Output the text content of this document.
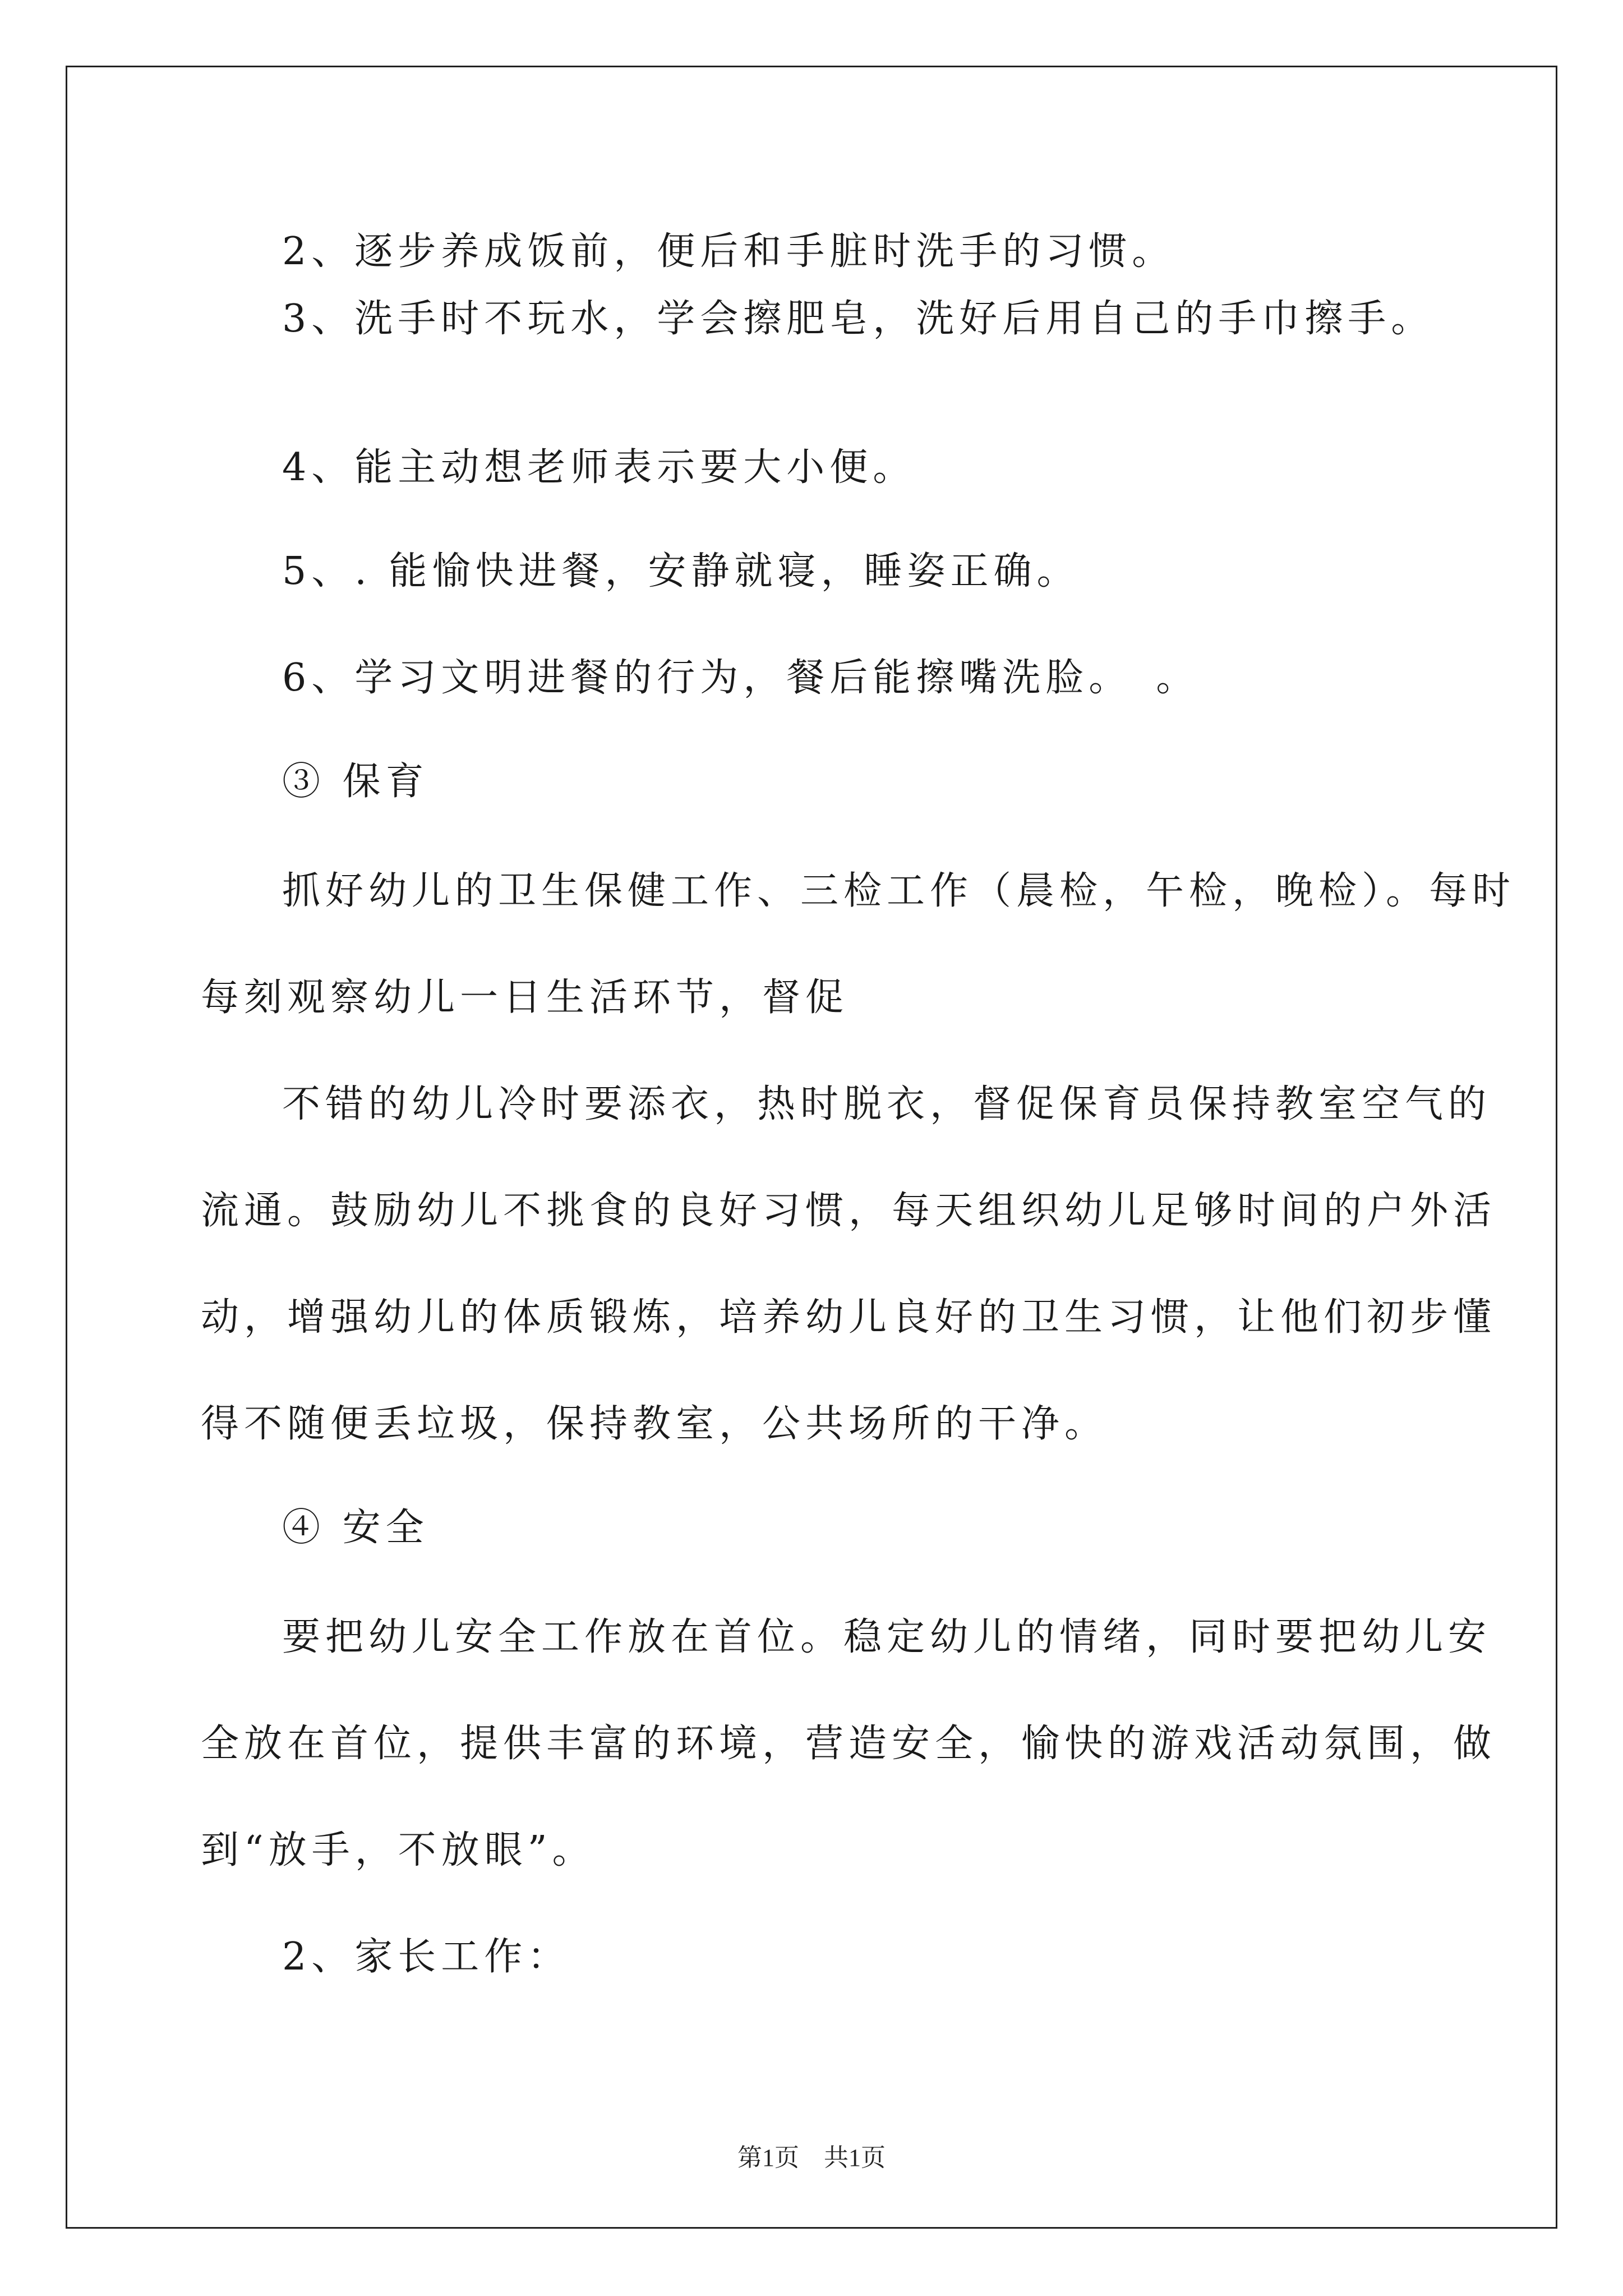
2、逐步养成饭前，便后和手脏时洗手的习惯。
3、洗手时不玩水，学会擦肥皂，洗好后用自己的手巾擦手。
4、能主动想老师表示要大小便。
5、. 能愉快进餐，安静就寝，睡姿正确。
6、学习文明进餐的行为，餐后能擦嘴洗脸。　。
③ 保育
抓好幼儿的卫生保健工作、三检工作（晨检，午检，晚检）。每时
每刻观察幼儿一日生活环节，督促
不错的幼儿冷时要添衣，热时脱衣，督促保育员保持教室空气的
流通。鼓励幼儿不挑食的良好习惯，每天组织幼儿足够时间的户外活
动，增强幼儿的体质锻炼，培养幼儿良好的卫生习惯，让他们初步懂
得不随便丢垃圾，保持教室，公共场所的干净。
④ 安全
要把幼儿安全工作放在首位。稳定幼儿的情绪，同时要把幼儿安
全放在首位，提供丰富的环境，营造安全，愉快的游戏活动氛围，做
到“放手，不放眼”。
2、家长工作：
第1页　共1页
